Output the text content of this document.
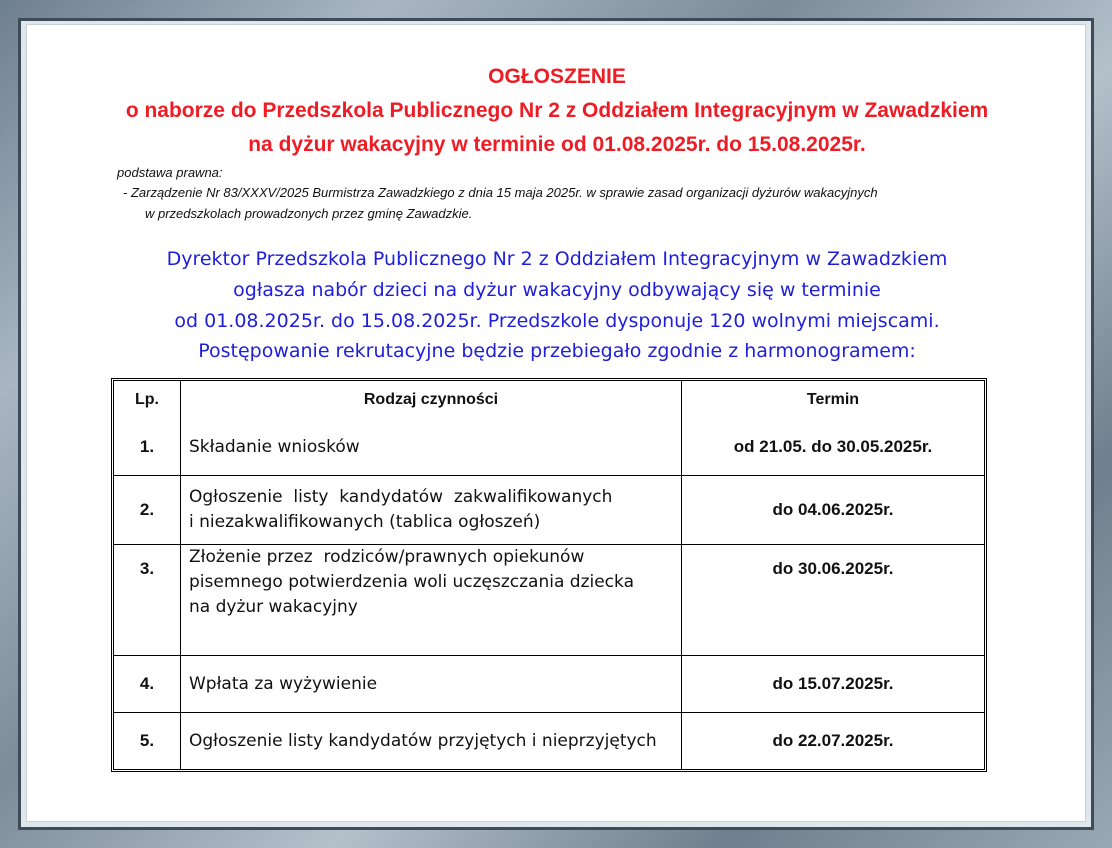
OGŁOSZENIE
o naborze do Przedszkola Publicznego Nr 2 z Oddziałem Integracyjnym w Zawadzkiem
na dyżur wakacyjny w terminie od 01.08.2025r. do 15.08.2025r.
podstawa prawna:
- Zarządzenie Nr 83/XXXV/2025 Burmistrza Zawadzkiego z dnia 15 maja 2025r. w sprawie zasad organizacji dyżurów wakacyjnych
w przedszkolach prowadzonych przez gminę Zawadzkie.
Dyrektor Przedszkola Publicznego Nr 2 z Oddziałem Integracyjnym w Zawadzkiem
ogłasza nabór dzieci na dyżur wakacyjny odbywający się w terminie
od 01.08.2025r. do 15.08.2025r. Przedszkole dysponuje 120 wolnymi miejscami.
Postępowanie rekrutacyjne będzie przebiegało zgodnie z harmonogramem:
Lp.	Rodzaj czynności	Termin
1.	Składanie wniosków	od 21.05. do 30.05.2025r.
2.	Ogłoszenie  listy  kandydatów  zakwalifikowanych
i niezakwalifikowanych (tablica ogłoszeń)	do 04.06.2025r.
3.	Złożenie przez  rodziców/prawnych opiekunów
pisemnego potwierdzenia woli uczęszczania dziecka
na dyżur wakacyjny	do 30.06.2025r.
4.	Wpłata za wyżywienie	do 15.07.2025r.
5.	Ogłoszenie listy kandydatów przyjętych i nieprzyjętych	do 22.07.2025r.
